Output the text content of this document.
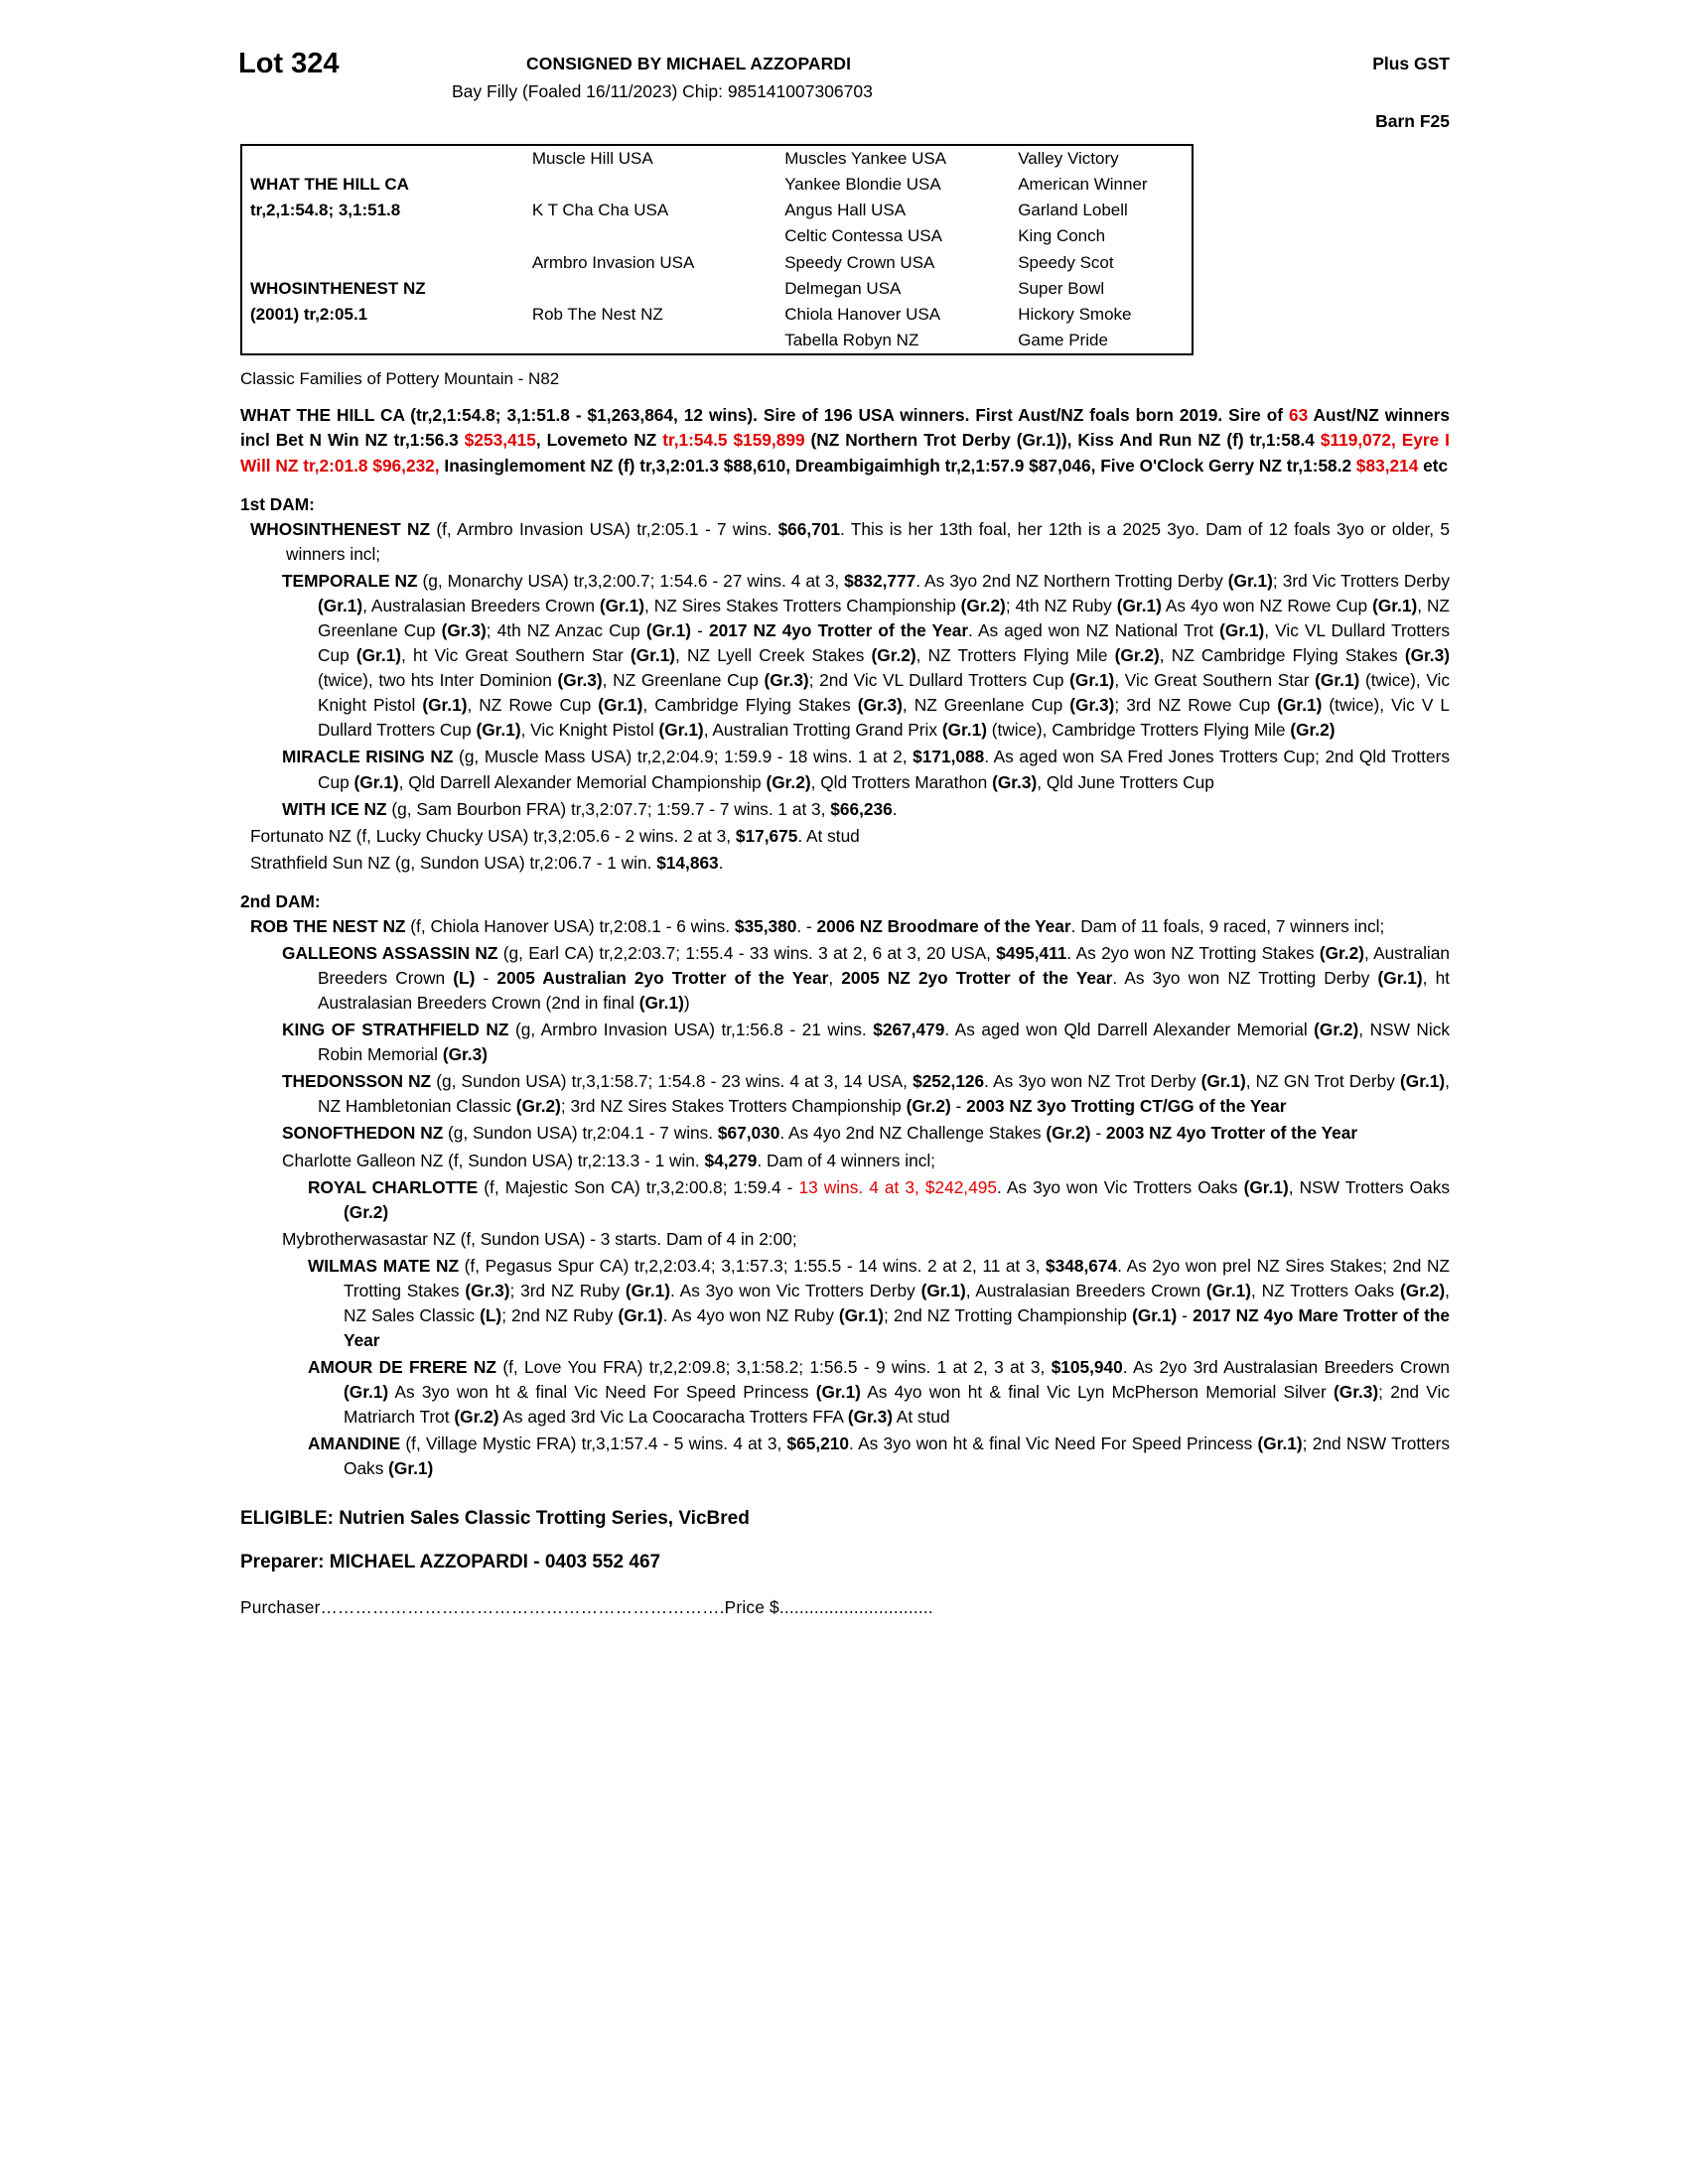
Lot 324	CONSIGNED BY MICHAEL AZZOPARDI
Bay Filly (Foaled 16/11/2023) Chip: 985141007306703
Plus GST
Barn F25
	Muscle Hill USA	Muscles Yankee USA	Valley Victory
WHAT THE HILL CA		Yankee Blondie USA	American Winner
tr,2,1:54.8; 3,1:51.8	K T Cha Cha USA	Angus Hall USA	Garland Lobell
		Celtic Contessa USA	King Conch
	Armbro Invasion USA	Speedy Crown USA	Speedy Scot
WHOSINTHENEST NZ		Delmegan USA	Super Bowl
(2001) tr,2:05.1	Rob The Nest NZ	Chiola Hanover USA	Hickory Smoke
		Tabella Robyn NZ	Game Pride
Classic Families of Pottery Mountain - N82
WHAT THE HILL CA (tr,2,1:54.8; 3,1:51.8 - $1,263,864, 12 wins). Sire of 196 USA winners. First Aust/NZ foals born 2019. Sire of 63 Aust/NZ winners incl Bet N Win NZ tr,1:56.3 $253,415, Lovemeto NZ tr,1:54.5 $159,899 (NZ Northern Trot Derby (Gr.1)), Kiss And Run NZ (f) tr,1:58.4 $119,072, Eyre I Will NZ tr,2:01.8 $96,232, Inasinglemoment NZ (f) tr,3,2:01.3 $88,610, Dreambigaimhigh tr,2,1:57.9 $87,046, Five O'Clock Gerry NZ tr,1:58.2 $83,214 etc
1st DAM:
WHOSINTHENEST NZ (f, Armbro Invasion USA) tr,2:05.1 - 7 wins. $66,701. This is her 13th foal, her 12th is a 2025 3yo. Dam of 12 foals 3yo or older, 5 winners incl;
TEMPORALE NZ (g, Monarchy USA) tr,3,2:00.7; 1:54.6 - 27 wins. 4 at 3, $832,777. As 3yo 2nd NZ Northern Trotting Derby (Gr.1); 3rd Vic Trotters Derby (Gr.1), Australasian Breeders Crown (Gr.1), NZ Sires Stakes Trotters Championship (Gr.2); 4th NZ Ruby (Gr.1) As 4yo won NZ Rowe Cup (Gr.1), NZ Greenlane Cup (Gr.3); 4th NZ Anzac Cup (Gr.1) - 2017 NZ 4yo Trotter of the Year. As aged won NZ National Trot (Gr.1), Vic VL Dullard Trotters Cup (Gr.1), ht Vic Great Southern Star (Gr.1), NZ Lyell Creek Stakes (Gr.2), NZ Trotters Flying Mile (Gr.2), NZ Cambridge Flying Stakes (Gr.3) (twice), two hts Inter Dominion (Gr.3), NZ Greenlane Cup (Gr.3); 2nd Vic VL Dullard Trotters Cup (Gr.1), Vic Great Southern Star (Gr.1) (twice), Vic Knight Pistol (Gr.1), NZ Rowe Cup (Gr.1), Cambridge Flying Stakes (Gr.3), NZ Greenlane Cup (Gr.3); 3rd NZ Rowe Cup (Gr.1) (twice), Vic V L Dullard Trotters Cup (Gr.1), Vic Knight Pistol (Gr.1), Australian Trotting Grand Prix (Gr.1) (twice), Cambridge Trotters Flying Mile (Gr.2)
MIRACLE RISING NZ (g, Muscle Mass USA) tr,2,2:04.9; 1:59.9 - 18 wins. 1 at 2, $171,088. As aged won SA Fred Jones Trotters Cup; 2nd Qld Trotters Cup (Gr.1), Qld Darrell Alexander Memorial Championship (Gr.2), Qld Trotters Marathon (Gr.3), Qld June Trotters Cup
WITH ICE NZ (g, Sam Bourbon FRA) tr,3,2:07.7; 1:59.7 - 7 wins. 1 at 3, $66,236.
Fortunato NZ (f, Lucky Chucky USA) tr,3,2:05.6 - 2 wins. 2 at 3, $17,675. At stud
Strathfield Sun NZ (g, Sundon USA) tr,2:06.7 - 1 win. $14,863.
2nd DAM:
ROB THE NEST NZ (f, Chiola Hanover USA) tr,2:08.1 - 6 wins. $35,380. - 2006 NZ Broodmare of the Year. Dam of 11 foals, 9 raced, 7 winners incl;
GALLEONS ASSASSIN NZ (g, Earl CA) tr,2,2:03.7; 1:55.4 - 33 wins. 3 at 2, 6 at 3, 20 USA, $495,411. As 2yo won NZ Trotting Stakes (Gr.2), Australian Breeders Crown (L) - 2005 Australian 2yo Trotter of the Year, 2005 NZ 2yo Trotter of the Year. As 3yo won NZ Trotting Derby (Gr.1), ht Australasian Breeders Crown (2nd in final (Gr.1))
KING OF STRATHFIELD NZ (g, Armbro Invasion USA) tr,1:56.8 - 21 wins. $267,479. As aged won Qld Darrell Alexander Memorial (Gr.2), NSW Nick Robin Memorial (Gr.3)
THEDONSSON NZ (g, Sundon USA) tr,3,1:58.7; 1:54.8 - 23 wins. 4 at 3, 14 USA, $252,126. As 3yo won NZ Trot Derby (Gr.1), NZ GN Trot Derby (Gr.1), NZ Hambletonian Classic (Gr.2); 3rd NZ Sires Stakes Trotters Championship (Gr.2) - 2003 NZ 3yo Trotting CT/GG of the Year
SONOFTHEDON NZ (g, Sundon USA) tr,2:04.1 - 7 wins. $67,030. As 4yo 2nd NZ Challenge Stakes (Gr.2) - 2003 NZ 4yo Trotter of the Year
Charlotte Galleon NZ (f, Sundon USA) tr,2:13.3 - 1 win. $4,279. Dam of 4 winners incl;
ROYAL CHARLOTTE (f, Majestic Son CA) tr,3,2:00.8; 1:59.4 - 13 wins. 4 at 3, $242,495. As 3yo won Vic Trotters Oaks (Gr.1), NSW Trotters Oaks (Gr.2)
Mybrotherwasastar NZ (f, Sundon USA) - 3 starts. Dam of 4 in 2:00;
WILMAS MATE NZ (f, Pegasus Spur CA) tr,2,2:03.4; 3,1:57.3; 1:55.5 - 14 wins. 2 at 2, 11 at 3, $348,674. As 2yo won prel NZ Sires Stakes; 2nd NZ Trotting Stakes (Gr.3); 3rd NZ Ruby (Gr.1). As 3yo won Vic Trotters Derby (Gr.1), Australasian Breeders Crown (Gr.1), NZ Trotters Oaks (Gr.2), NZ Sales Classic (L); 2nd NZ Ruby (Gr.1). As 4yo won NZ Ruby (Gr.1); 2nd NZ Trotting Championship (Gr.1) - 2017 NZ 4yo Mare Trotter of the Year
AMOUR DE FRERE NZ (f, Love You FRA) tr,2,2:09.8; 3,1:58.2; 1:56.5 - 9 wins. 1 at 2, 3 at 3, $105,940. As 2yo 3rd Australasian Breeders Crown (Gr.1) As 3yo won ht & final Vic Need For Speed Princess (Gr.1) As 4yo won ht & final Vic Lyn McPherson Memorial Silver (Gr.3); 2nd Vic Matriarch Trot (Gr.2) As aged 3rd Vic La Coocaracha Trotters FFA (Gr.3) At stud
AMANDINE (f, Village Mystic FRA) tr,3,1:57.4 - 5 wins. 4 at 3, $65,210. As 3yo won ht & final Vic Need For Speed Princess (Gr.1); 2nd NSW Trotters Oaks (Gr.1)
ELIGIBLE: Nutrien Sales Classic Trotting Series, VicBred
Preparer: MICHAEL AZZOPARDI - 0403 552 467
Purchaser…………………………………………………………….Price $...............................
